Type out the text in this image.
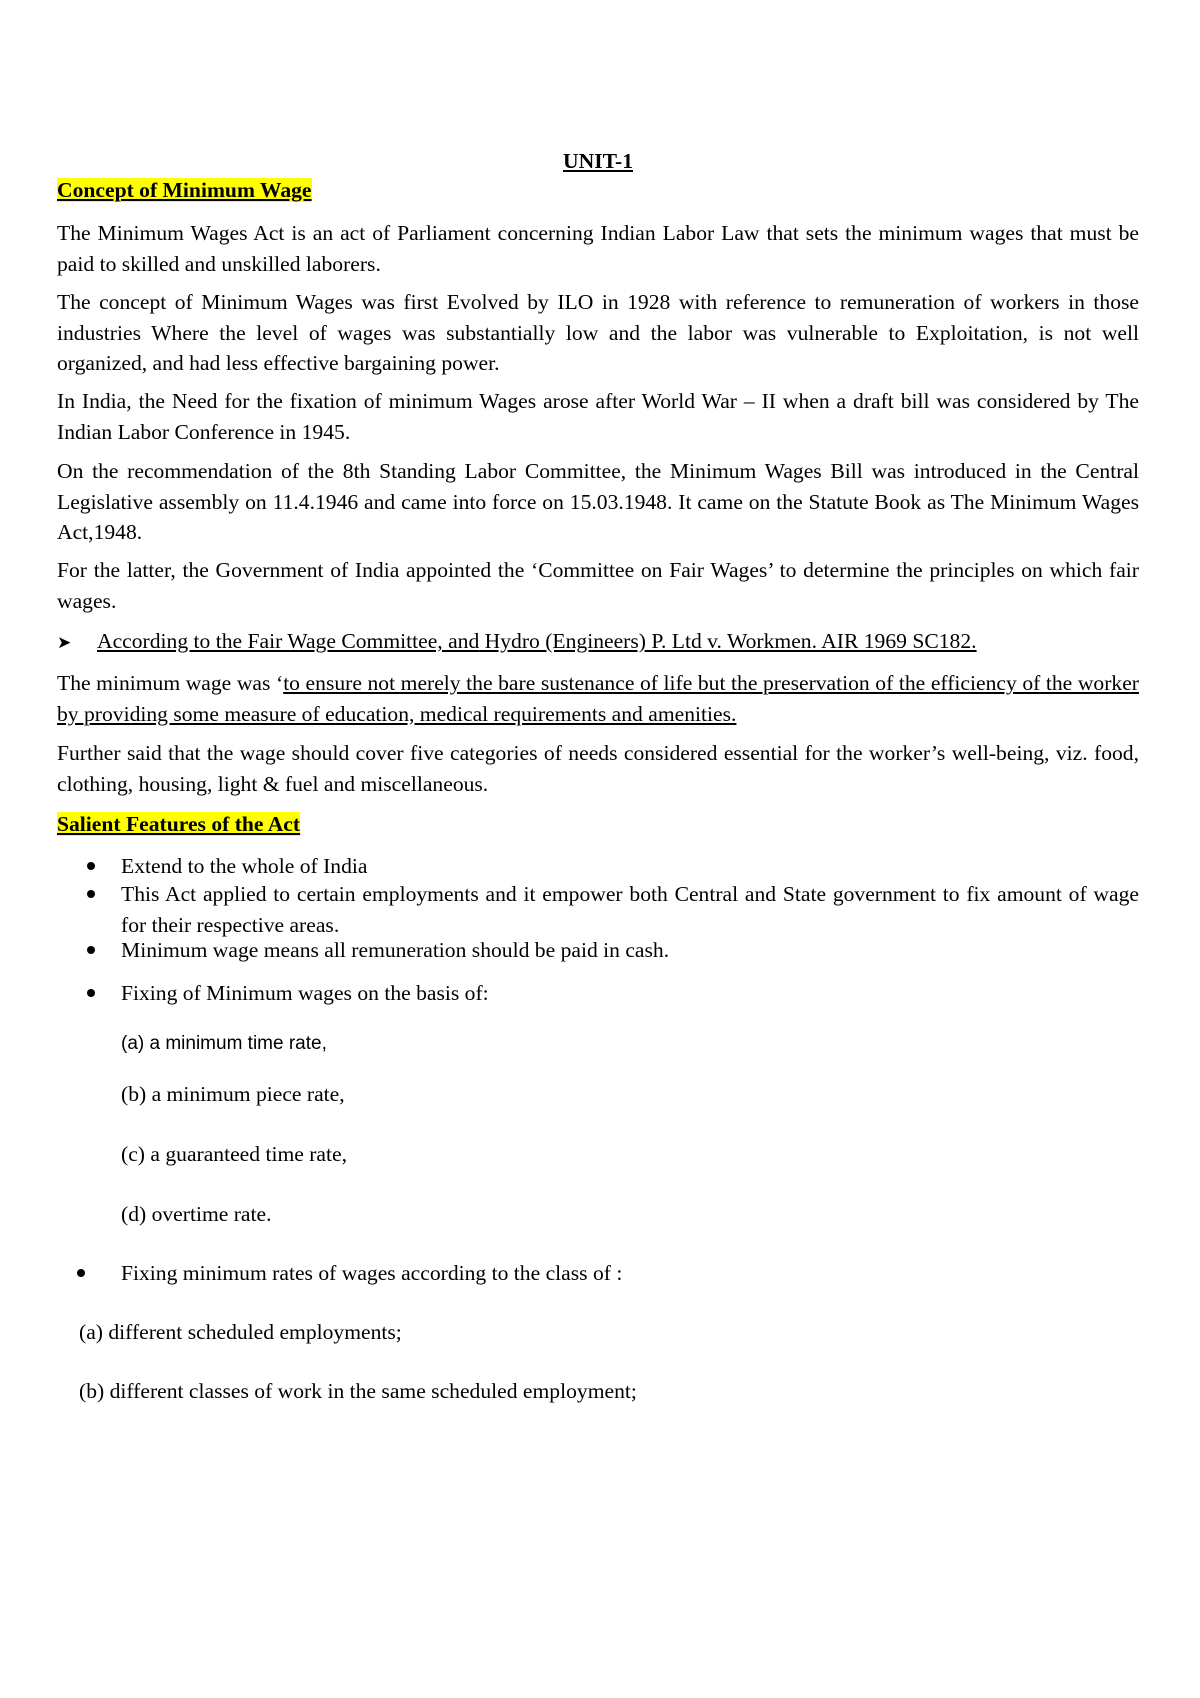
UNIT-1
Concept of Minimum Wage

The Minimum Wages Act is an act of Parliament concerning Indian Labor Law that sets the minimum wages that must be paid to skilled and unskilled laborers.

The concept of Minimum Wages was first Evolved by ILO in 1928 with reference to remuneration of workers in those industries Where the level of wages was substantially low and the labor was vulnerable to Exploitation, is not well organized, and had less effective bargaining power.

In India, the Need for the fixation of minimum Wages arose after World War – II when a draft bill was considered by The Indian Labor Conference in 1945.

On the recommendation of the 8th Standing Labor Committee, the Minimum Wages Bill was introduced in the Central Legislative assembly on 11.4.1946 and came into force on 15.03.1948. It came on the Statute Book as The Minimum Wages Act,1948.

For the latter, the Government of India appointed the ‘Committee on Fair Wages’ to determine the principles on which fair wages.

➤ According to the Fair Wage Committee, and Hydro (Engineers) P. Ltd v. Workmen. AIR 1969 SC182.

The minimum wage was ‘to ensure not merely the bare sustenance of life but the preservation of the efficiency of the worker by providing some measure of education, medical requirements and amenities.

Further said that the wage should cover five categories of needs considered essential for the worker’s well-being, viz. food, clothing, housing, light & fuel and miscellaneous.

Salient Features of the Act
Extend to the whole of India
This Act applied to certain employments and it empower both Central and State government to fix amount of wage for their respective areas.
Minimum wage means all remuneration should be paid in cash.
Fixing of Minimum wages on the basis of:
(a) a minimum time rate,
(b) a minimum piece rate,
(c) a guaranteed time rate,
(d) overtime rate.
Fixing minimum rates of wages according to the class of :
(a) different scheduled employments;
(b) different classes of work in the same scheduled employment;
